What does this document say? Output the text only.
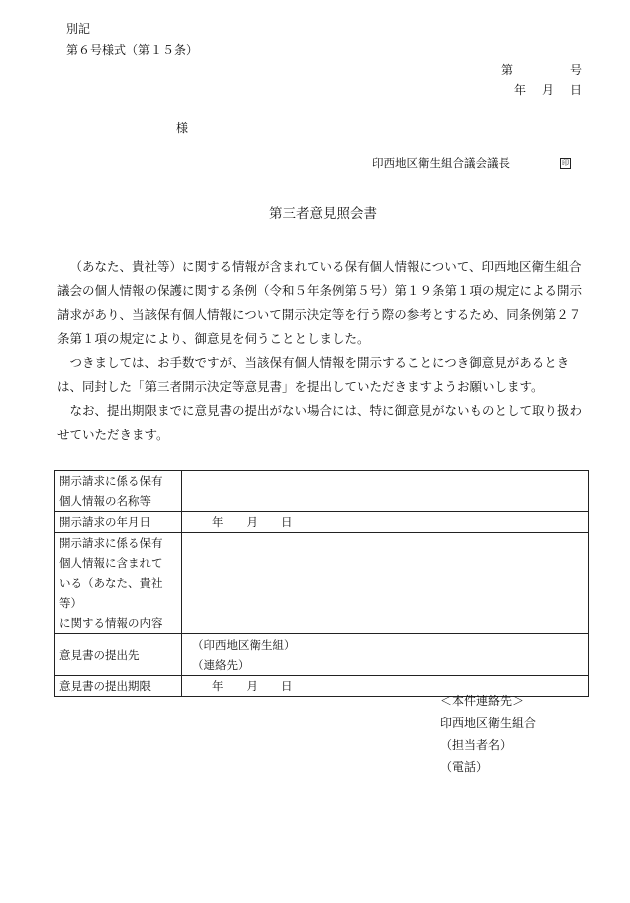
別記
第６号様式（第１５条）
第	号
年 月 日
様
印西地区衛生組合議会議長	印
第三者意見照会書

（あなた、貴社等）に関する情報が含まれている保有個人情報について、印西地区衛生組合議会の個人情報の保護に関する条例（令和５年条例第５号）第１９条第１項の規定による開示請求があり、当該保有個人情報について開示決定等を行う際の参考とするため、同条例第２７条第１項の規定により、御意見を伺うこととしました。

つきましては、お手数ですが、当該保有個人情報を開示することにつき御意見があるときは、同封した「第三者開示決定等意見書」を提出していただきますようお願いします。

なお、提出期限までに意見書の提出がない場合には、特に御意見がないものとして取り扱わせていただきます。

開示請求に係る保有
個人情報の名称等	

開示請求の年月日	年　　月　　日

開示請求に係る保有
個人情報に含まれて
いる（あなた、貴社等）
に関する情報の内容	

意見書の提出先	（印西地区衛生組）
（連絡先）

意見書の提出期限	年　　月　　日
＜本件連絡先＞
印西地区衛生組合
（担当者名）
（電話）
